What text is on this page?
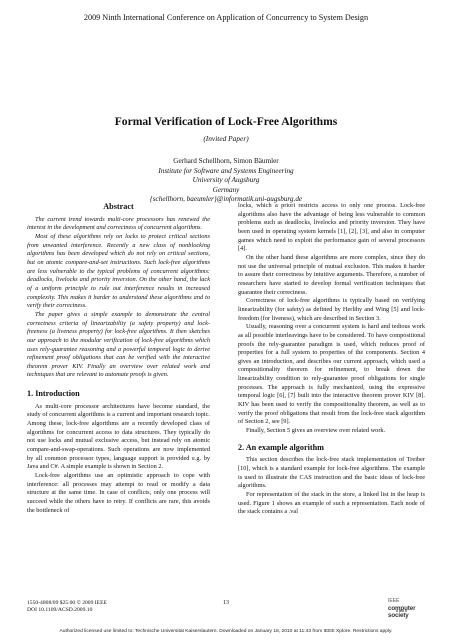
2009 Ninth International Conference on Application of Concurrency to System Design
Formal Verification of Lock-Free Algorithms
(Invited Paper)
Gerhard Schellhorn, Simon Bäumler
Institute for Software and Systems Engineering
University of Augsburg
Germany
{schellhorn, baeumler}@informatik.uni-augsburg.de
Abstract

The current trend towards multi-core processors has renewed the interest in the development and correctness of concurrent algorithms.

Most of these algorithms rely on locks to protect critical sections from unwanted interference. Recently a new class of nonblocking algorithms has been developed which do not rely on critical sections, but on atomic compare-and-set instructions. Such lock-free algorithms are less vulnerable to the typical problems of concurrent algorithms: deadlocks, livelocks and priority inversion. On the other hand, the lack of a uniform principle to rule out interference results in increased complexity. This makes it harder to understand these algorithms and to verify their correctness.

The paper gives a simple example to demonstrate the central correctness criteria of linearizability (a safety property) and lock-freeness (a liveness property) for lock-free algorithms. It then sketches our approach to the modular verification of lock-free algorithms which uses rely-guarantee reasoning and a powerful temporal logic to derive refinement proof obligations that can be verified with the interactive theorem prover KIV. Finally an overview over related work and techniques that are relevant to automate proofs is given.

1. Introduction

As multi-core processor architectures have become standard, the study of concurrent algorithms is a current and important research topic. Among these, lock-free algorithms are a recently developed class of algorithms for concurrent access to data structures. They typically do not use locks and mutual exclusive access, but instead rely on atomic compare-and-swap-operations. Such operations are now implemented by all common processor types, language support is provided e.g. by Java and C#. A simple example is shown in Section 2.

Lock-free algorithms use an optimistic approach to cope with interference: all processes may attempt to read or modify a data structure at the same time. In case of conflicts, only one process will succeed while the others have to retry. If conflicts are rare, this avoids the bottleneck of

locks, which a priori restricts access to only one process. Lock-free algorithms also have the advantage of being less vulnerable to common problems such as deadlocks, livelocks and priority inversion. They have been used in operating system kernels [1], [2], [3], and also in computer games which need to exploit the performance gain of several processors [4].

On the other hand these algorithms are more complex, since they do not use the universal principle of mutual exclusion. This makes it harder to assure their correctness by intuitive arguments. Therefore, a number of researchers have started to develop formal verification techniques that guarantee their correctness.

Correctness of lock-free algorithms is typically based on verifying linearizability (for safety) as defined by Herlihy and Wing [5] and lock-freedom (for liveness), which are described in Section 3.

Usually, reasoning over a concurrent system is hard and tedious work as all possible interleavings have to be considered. To have compositional proofs the rely-guarantee paradigm is used, which reduces proof of properties for a full system to properties of the components. Section 4 gives an introduction, and describes our current approach, which used a compositionality theorem for refinement, to break down the linearizability condition to rely-guarantee proof obligations for single processes. The approach is fully mechanized, using the expressive temporal logic [6], [7] built into the interactive theorem prover KIV [8]. KIV has been used to verify the compositionality theorem, as well as to verify the proof obligations that result from the lock-free stack algorithm of Section 2, see [9].

Finally, Section 5 gives an overview over related work.

2. An example algorithm

This section describes the lock-free stack implementation of Treiber [10], which is a standard example for lock-free algorithms. The example is used to illustrate the CAS instruction and the basic ideas of lock-free algorithms.

For representation of the stack in the store, a linked list in the heap is used. Figure 1 shows an example of such a representation. Each node of the stack contains a .val

1550-4808/09 $25.00 © 2009 IEEE
DOI 10.1109/ACSD.2009.10
13	IEEE
computer society
Authorized licensed use limited to: Technische Universitat Kaiserslautern. Downloaded on January 18, 2010 at 11:43 from IEEE Xplore. Restrictions apply.
